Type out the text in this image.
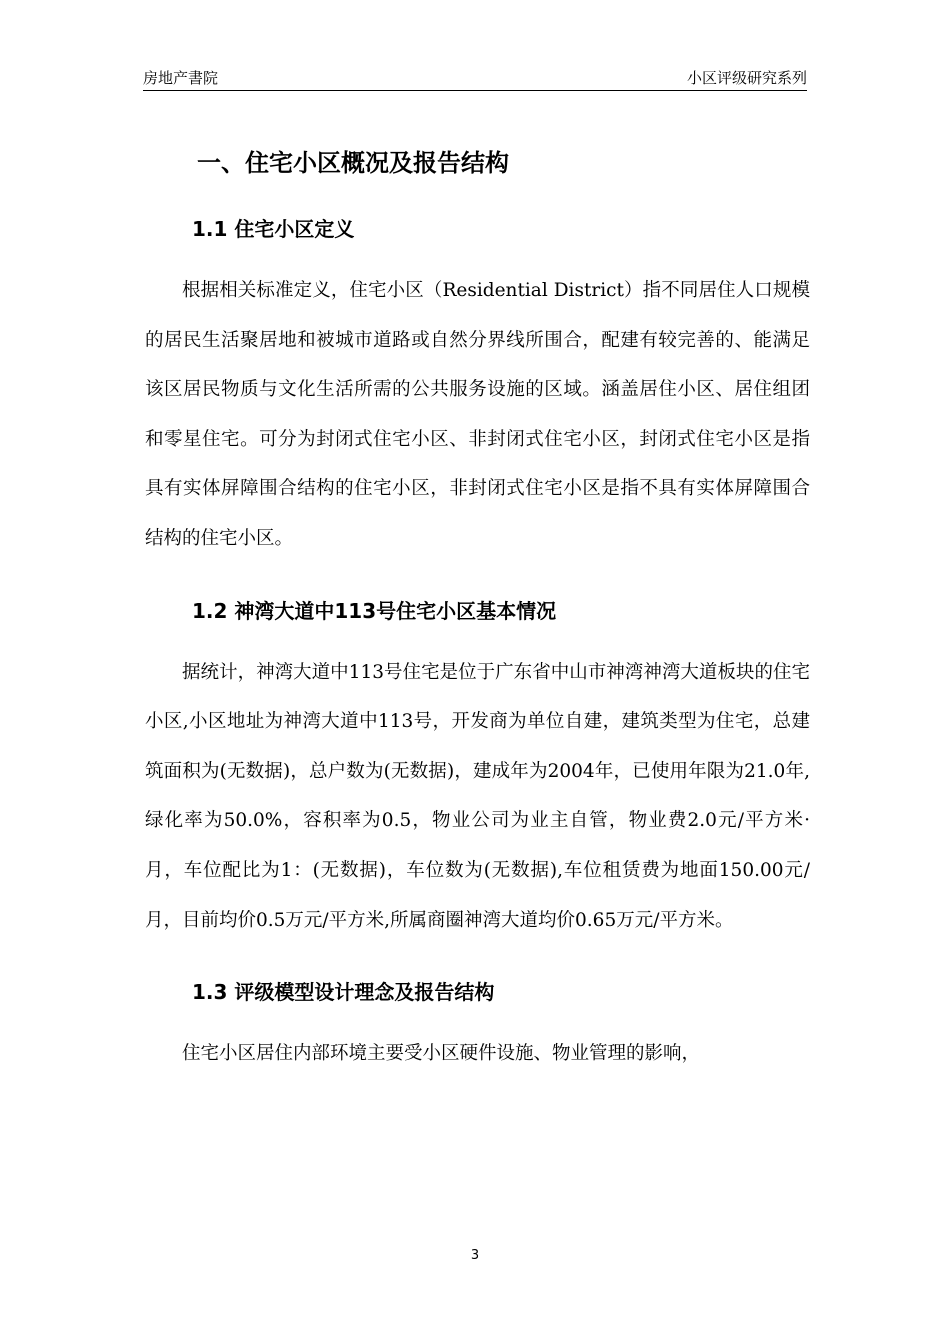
房地产書院	小区评级研究系列
一、住宅小区概况及报告结构
1.1 住宅小区定义

根据相关标准定义，住宅小区（Residential District）指不同居住人口规模的居民生活聚居地和被城市道路或自然分界线所围合，配建有较完善的、能满足该区居民物质与文化生活所需的公共服务设施的区域。涵盖居住小区、居住组团和零星住宅。可分为封闭式住宅小区、非封闭式住宅小区，封闭式住宅小区是指具有实体屏障围合结构的住宅小区，非封闭式住宅小区是指不具有实体屏障围合结构的住宅小区。

1.2 神湾大道中113号住宅小区基本情况

据统计，神湾大道中113号住宅是位于广东省中山市神湾神湾大道板块的住宅小区,小区地址为神湾大道中113号，开发商为单位自建，建筑类型为住宅，总建筑面积为(无数据)，总户数为(无数据)，建成年为2004年，已使用年限为21.0年,绿化率为50.0%，容积率为0.5，物业公司为业主自管，物业费2.0元/平方米·月，车位配比为1：(无数据)，车位数为(无数据),车位租赁费为地面150.00元/月，目前均价0.5万元/平方米,所属商圈神湾大道均价0.65万元/平方米。

1.3 评级模型设计理念及报告结构

住宅小区居住内部环境主要受小区硬件设施、物业管理的影响，

3
